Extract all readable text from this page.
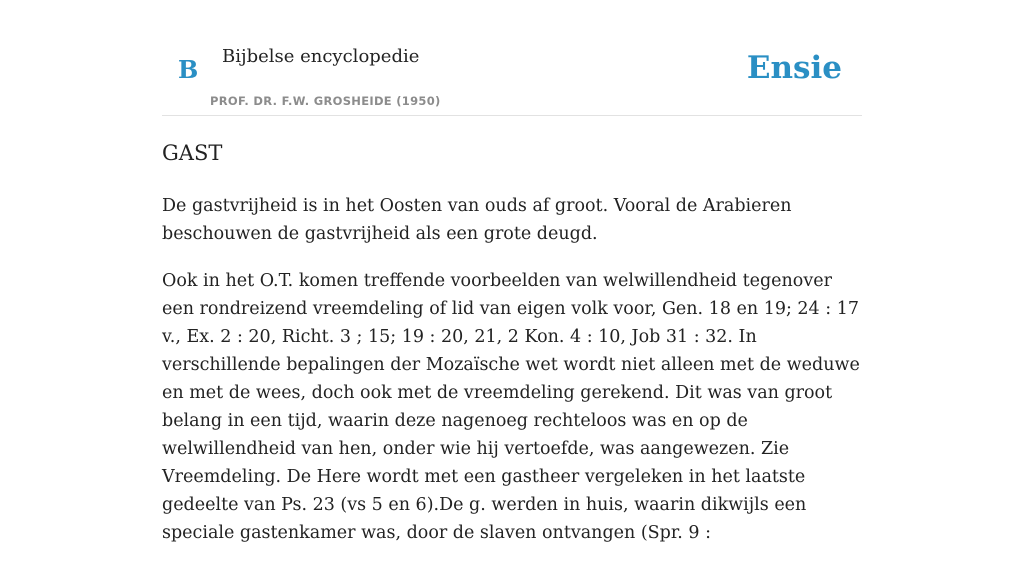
B Bijbelse encyclopedie
PROF. DR. F.W. GROSHEIDE (1950)
Ensie
GAST

De gastvrijheid is in het Oosten van ouds af groot. Vooral de Arabieren beschouwen de gastvrijheid als een grote deugd.

Ook in het O.T. komen treffende voorbeelden van welwillendheid tegenover een rondreizend vreemdeling of lid van eigen volk voor, Gen. 18 en 19; 24 : 17 v., Ex. 2 : 20, Richt. 3 ; 15; 19 : 20, 21, 2 Kon. 4 : 10, Job 31 : 32. In verschillende bepalingen der Mozaïsche wet wordt niet alleen met de weduwe en met de wees, doch ook met de vreemdeling gerekend. Dit was van groot belang in een tijd, waarin deze nagenoeg rechteloos was en op de welwillendheid van hen, onder wie hij vertoefde, was aangewezen. Zie Vreemdeling. De Here wordt met een gastheer vergeleken in het laatste gedeelte van Ps. 23 (vs 5 en 6).De g. werden in huis, waarin dikwijls een speciale gastenkamer was, door de slaven ontvangen (Spr. 9 :
